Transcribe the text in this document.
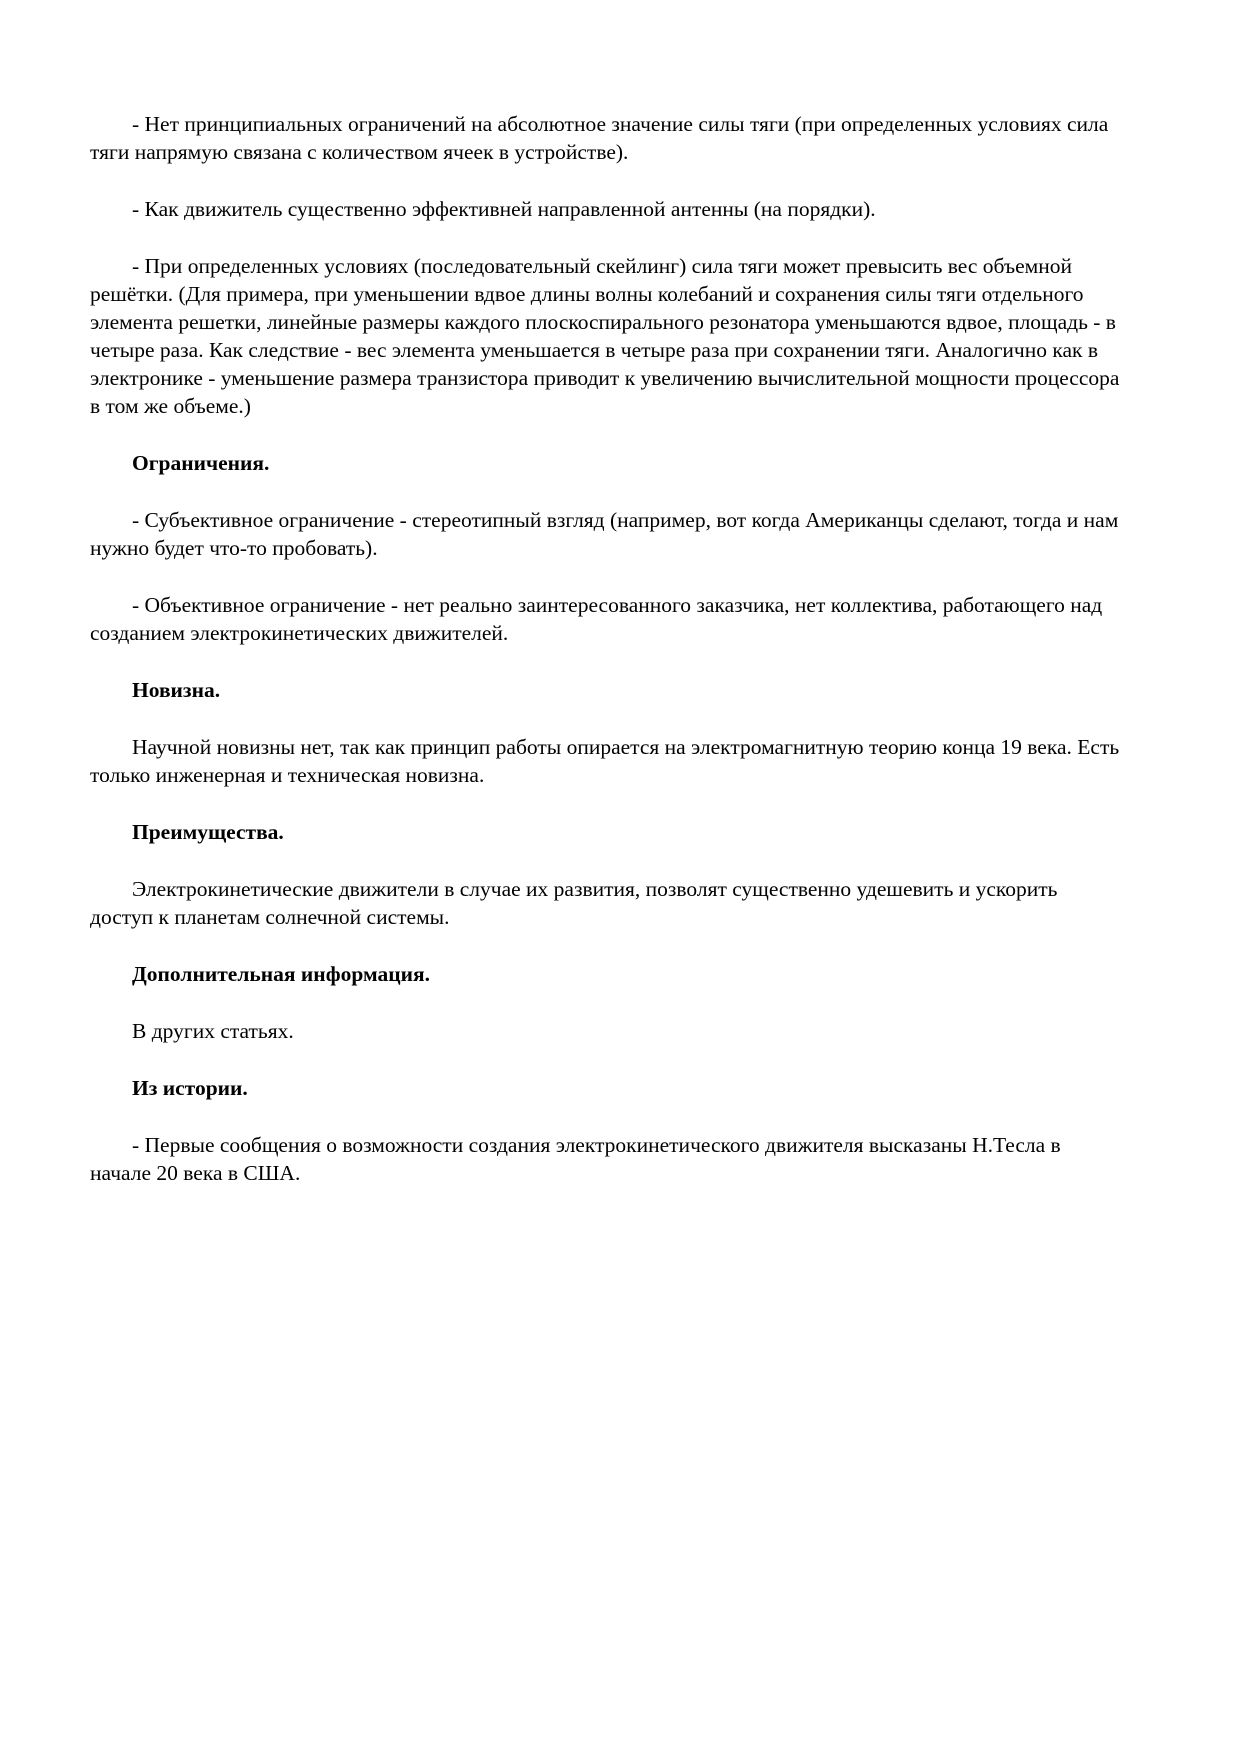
- Нет принципиальных ограничений на абсолютное значение силы тяги (при определенных условиях сила тяги напрямую связана с количеством ячеек в устройстве).

- Как движитель существенно эффективней направленной антенны (на порядки).

- При определенных условиях (последовательный скейлинг) сила тяги может превысить вес объемной решётки. (Для примера, при уменьшении вдвое длины волны колебаний и сохранения силы тяги отдельного элемента решетки, линейные размеры каждого плоскоспирального резонатора уменьшаются вдвое, площадь - в четыре раза. Как следствие - вес элемента уменьшается в четыре раза при сохранении тяги. Аналогично как в электронике - уменьшение размера транзистора приводит к увеличению вычислительной мощности процессора в том же объеме.)

Ограничения.

- Субъективное ограничение - стереотипный взгляд (например, вот когда Американцы сделают, тогда и нам нужно будет что-то пробовать).

- Объективное ограничение - нет реально заинтересованного заказчика, нет коллектива, работающего над созданием электрокинетических движителей.

Новизна.

Научной новизны нет, так как принцип работы опирается на электромагнитную теорию конца 19 века. Есть только инженерная и техническая новизна.

Преимущества.

Электрокинетические движители в случае их развития, позволят существенно удешевить и ускорить доступ к планетам солнечной системы.

Дополнительная информация.

В других статьях.

Из истории.

- Первые сообщения о возможности создания электрокинетического движителя высказаны Н.Тесла в начале 20 века в США.
